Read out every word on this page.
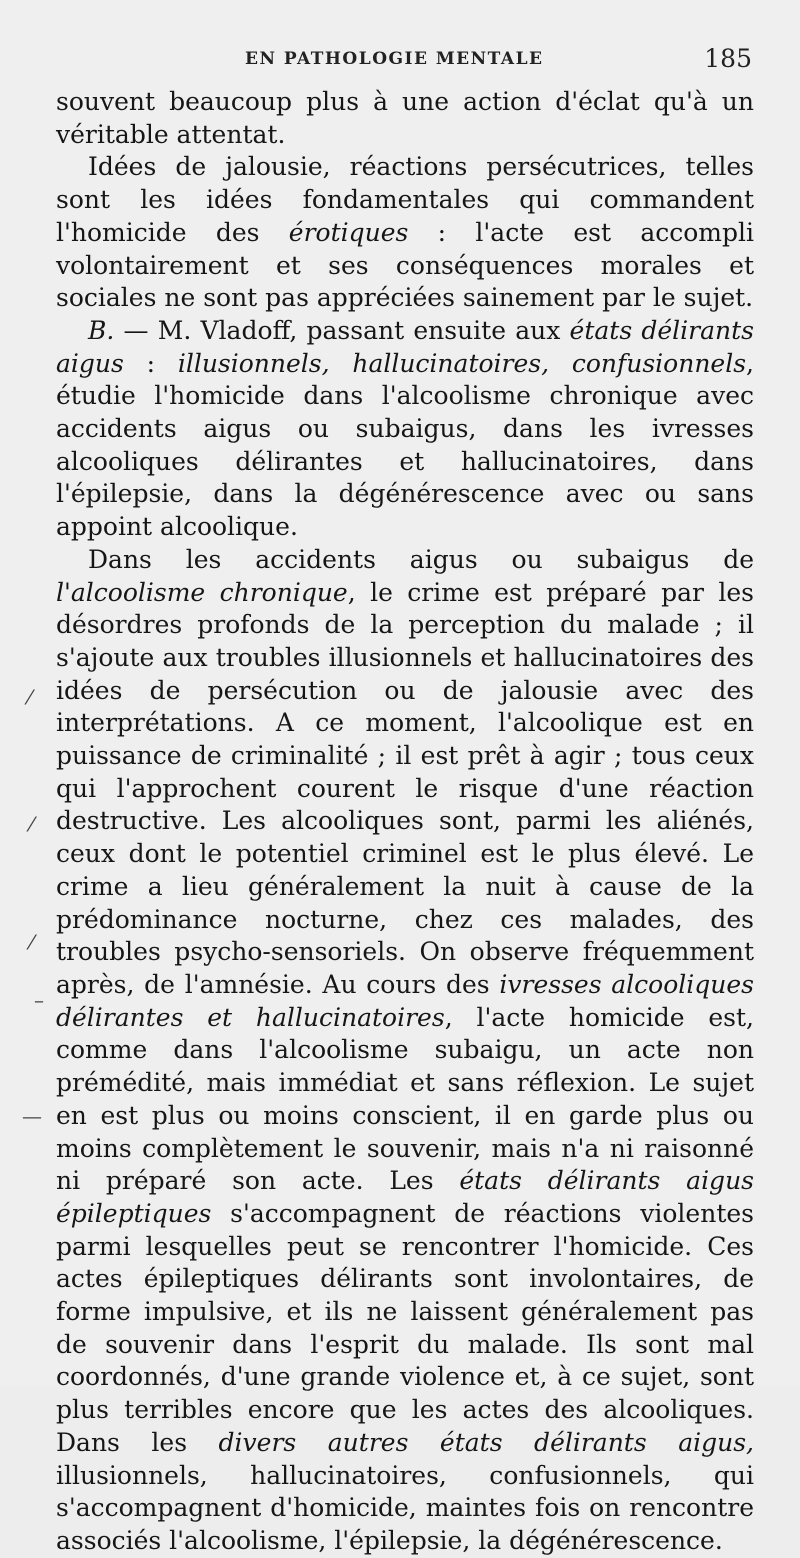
EN PATHOLOGIE MENTALE	185

souvent beaucoup plus à une action d'éclat qu'à un véritable attentat.

Idées de jalousie, réactions persécutrices, telles sont les idées fondamentales qui commandent l'homicide des érotiques : l'acte est accompli volontairement et ses conséquences morales et sociales ne sont pas appréciées sainement par le sujet.

B. — M. Vladoff, passant ensuite aux états délirants aigus : illusionnels, hallucinatoires, confusionnels, étudie l'homicide dans l'alcoolisme chronique avec accidents aigus ou subaigus, dans les ivresses alcooliques délirantes et hallucinatoires, dans l'épilepsie, dans la dégénérescence avec ou sans appoint alcoolique.

Dans les accidents aigus ou subaigus de l'alcoolisme chronique, le crime est préparé par les désordres profonds de la perception du malade ; il s'ajoute aux troubles illusionnels et hallucinatoires des idées de persécution ou de jalousie avec des interprétations. A ce moment, l'alcoolique est en puissance de criminalité ; il est prêt à agir ; tous ceux qui l'approchent courent le risque d'une réaction destructive. Les alcooliques sont, parmi les aliénés, ceux dont le potentiel criminel est le plus élevé. Le crime a lieu généralement la nuit à cause de la prédominance nocturne, chez ces malades, des troubles psycho-sensoriels. On observe fréquemment après, de l'amnésie. Au cours des ivresses alcooliques délirantes et hallucinatoires, l'acte homicide est, comme dans l'alcoolisme subaigu, un acte non prémédité, mais immédiat et sans réflexion. Le sujet en est plus ou moins conscient, il en garde plus ou moins complètement le souvenir, mais n'a ni raisonné ni préparé son acte. Les états délirants aigus épileptiques s'accompagnent de réactions violentes parmi lesquelles peut se rencontrer l'homicide. Ces actes épileptiques délirants sont involontaires, de forme impulsive, et ils ne laissent généralement pas de souvenir dans l'esprit du malade. Ils sont mal coordonnés, d'une grande violence et, à ce sujet, sont plus terribles encore que les actes des alcooliques. Dans les divers autres états délirants aigus, illusionnels, hallucinatoires, confusionnels, qui s'accompagnent d'homicide, maintes fois on rencontre associés l'alcoolisme, l'épilepsie, la dégénérescence.

⁄
⁄
⁄
–
—
